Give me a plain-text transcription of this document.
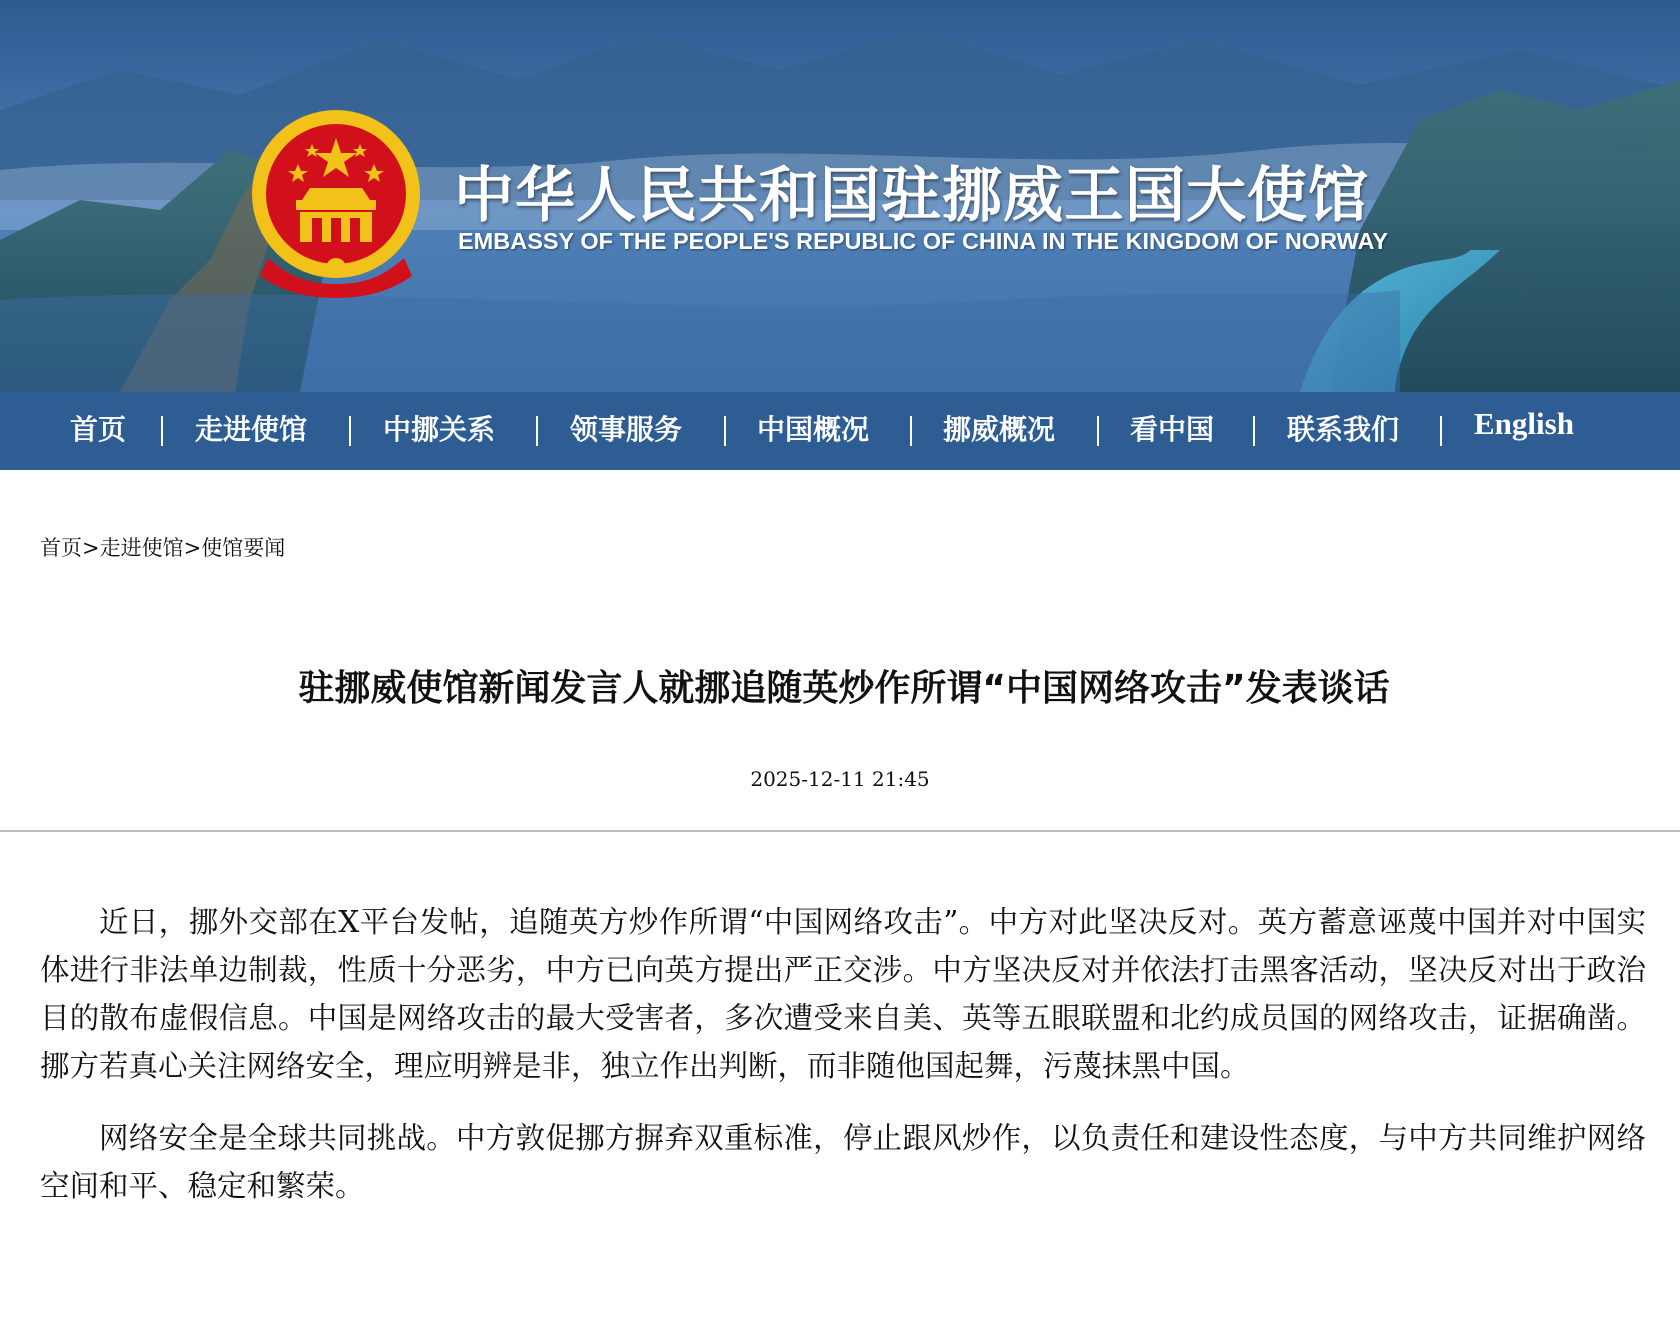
中华人民共和国驻挪威王国大使馆
EMBASSY OF THE PEOPLE'S REPUBLIC OF CHINA IN THE KINGDOM OF NORWAY
首页 走进使馆	中挪关系	领事服务	中国概况	挪威概况	看中国	联系我们 English
首页>走进使馆>使馆要闻
驻挪威使馆新闻发言人就挪追随英炒作所谓“中国网络攻击”发表谈话
2025-12-11 21:45

近日，挪外交部在X平台发帖，追随英方炒作所谓“中国网络攻击”。中方对此坚决反对。英方蓄意诬蔑中国并对中国实体进行非法单边制裁，性质十分恶劣，中方已向英方提出严正交涉。中方坚决反对并依法打击黑客活动，坚决反对出于政治目的散布虚假信息。中国是网络攻击的最大受害者，多次遭受来自美、英等五眼联盟和北约成员国的网络攻击，证据确凿。挪方若真心关注网络安全，理应明辨是非，独立作出判断，而非随他国起舞，污蔑抹黑中国。

网络安全是全球共同挑战。中方敦促挪方摒弃双重标准，停止跟风炒作，以负责任和建设性态度，与中方共同维护网络空间和平、稳定和繁荣。
